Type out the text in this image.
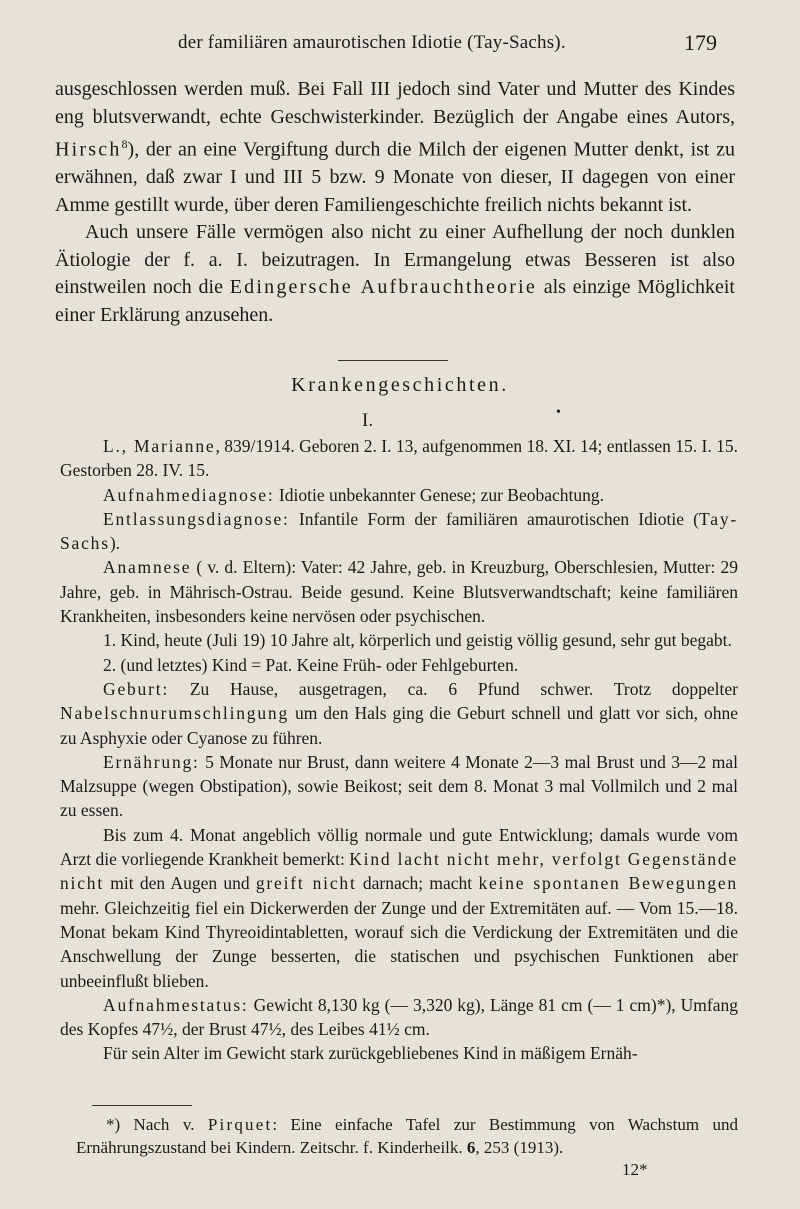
der familiären amaurotischen Idiotie (Tay-Sachs).	179

ausgeschlossen werden muß. Bei Fall III jedoch sind Vater und Mutter des Kindes eng blutsverwandt, echte Geschwisterkinder. Bezüglich der Angabe eines Autors, Hirsch$^8$), der an eine Vergiftung durch die Milch der eigenen Mutter denkt, ist zu erwähnen, daß zwar I und III 5 bzw. 9 Monate von dieser, II dagegen von einer Amme gestillt wurde, über deren Familiengeschichte freilich nichts bekannt ist.

Auch unsere Fälle vermögen also nicht zu einer Aufhellung der noch dunklen Ätiologie der f. a. I. beizutragen. In Ermangelung etwas Besseren ist also einstweilen noch die Edingersche Aufbrauchtheorie als einzige Möglichkeit einer Erklärung anzusehen.

Krankengeschichten.
I.	•

L., Marianne, 839/1914. Geboren 2. I. 13, aufgenommen 18. XI. 14; entlassen 15. I. 15. Gestorben 28. IV. 15.

Aufnahmediagnose: Idiotie unbekannter Genese; zur Beobachtung.

Entlassungsdiagnose: Infantile Form der familiären amaurotischen Idiotie (Tay-Sachs).

Anamnese ( v. d. Eltern): Vater: 42 Jahre, geb. in Kreuzburg, Oberschlesien, Mutter: 29 Jahre, geb. in Mährisch-Ostrau. Beide gesund. Keine Blutsverwandtschaft; keine familiären Krankheiten, insbesonders keine nervösen oder psychischen.

1. Kind, heute (Juli 19) 10 Jahre alt, körperlich und geistig völlig gesund, sehr gut begabt.

2. (und letztes) Kind = Pat. Keine Früh- oder Fehlgeburten.

Geburt: Zu Hause, ausgetragen, ca. 6 Pfund schwer. Trotz doppelter Nabelschnurumschlingung um den Hals ging die Geburt schnell und glatt vor sich, ohne zu Asphyxie oder Cyanose zu führen.

Ernährung: 5 Monate nur Brust, dann weitere 4 Monate 2—3 mal Brust und 3—2 mal Malzsuppe (wegen Obstipation), sowie Beikost; seit dem 8. Monat 3 mal Vollmilch und 2 mal zu essen.

Bis zum 4. Monat angeblich völlig normale und gute Entwicklung; damals wurde vom Arzt die vorliegende Krankheit bemerkt: Kind lacht nicht mehr, verfolgt Gegenstände nicht mit den Augen und greift nicht darnach; macht keine spontanen Bewegungen mehr. Gleichzeitig fiel ein Dickerwerden der Zunge und der Extremitäten auf. — Vom 15.—18. Monat bekam Kind Thyreoidintabletten, worauf sich die Verdickung der Extremitäten und die Anschwellung der Zunge besserten, die statischen und psychischen Funktionen aber unbeeinflußt blieben.

Aufnahmestatus: Gewicht 8,130 kg (— 3,320 kg), Länge 81 cm (— 1 cm)*), Umfang des Kopfes 47½, der Brust 47½, des Leibes 41½ cm.

Für sein Alter im Gewicht stark zurückgebliebenes Kind in mäßigem Ernäh-

*) Nach v. Pirquet: Eine einfache Tafel zur Bestimmung von Wachstum und Ernährungszustand bei Kindern. Zeitschr. f. Kinderheilk. 6, 253 (1913).

12*
